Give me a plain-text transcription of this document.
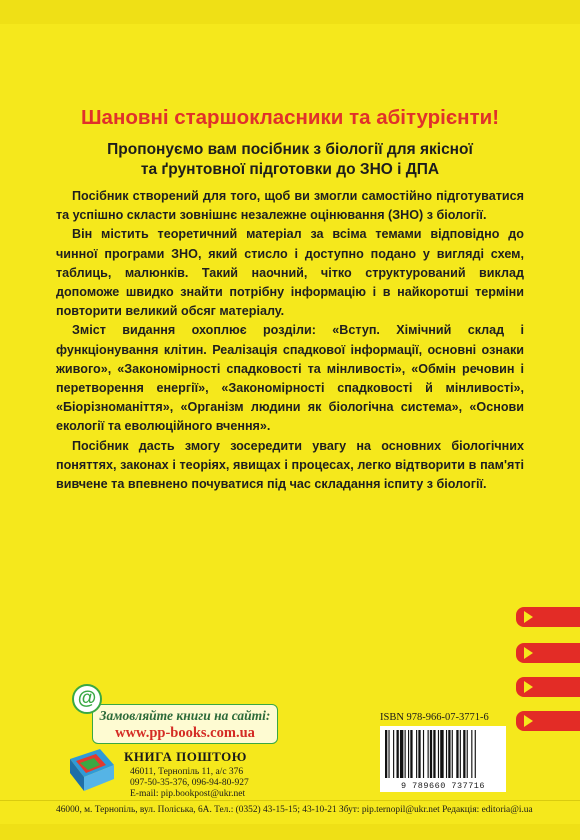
Шановні старшокласники та абітурієнти!
Пропонуємо вам посібник з біології для якісної
та ґрунтовної підготовки до ЗНО і ДПА

Посібник створений для того, щоб ви змогли самостійно підготуватися та успішно скласти зовнішнє незалежне оцінювання (ЗНО) з біології.

Він містить теоретичний матеріал за всіма темами відповідно до чинної програми ЗНО, який стисло і доступно подано у вигляді схем, таблиць, малюнків. Такий наочний, чітко структурований виклад допоможе швидко знайти потрібну інформацію і в найкоротші терміни повторити великий обсяг матеріалу.

Зміст видання охоплює розділи: «Вступ. Хімічний склад і функціонування клітин. Реалізація спадкової інформації, основні ознаки живого», «Закономірності спадковості та мінливості», «Обмін речовин і перетворення енергії», «Закономірності спадковості й мінливості», «Біорізноманіття», «Організм людини як біологічна система», «Основи екології та еволюційного вчення».

Посібник дасть змогу зосередити увагу на основних біологічних поняттях, законах і теоріях, явищах і процесах, легко відтворити в пам'яті вивчене та впевнено почуватися під час складання іспиту з біології.

Замовляйте книги на сайті:
www.pp-books.com.ua
@
КНИГА ПОШТОЮ
46011, Тернопіль 11, а/с 376
097-50-35-376, 096-94-80-927
E-mail: pip.bookpost@ukr.net
ISBN 978-966-07-3771-6
9 789660 737716
46000, м. Тернопіль, вул. Поліська, 6А. Тел.: (0352) 43-15-15; 43-10-21 Збут: pip.ternopil@ukr.net Редакція: editoria@i.ua
